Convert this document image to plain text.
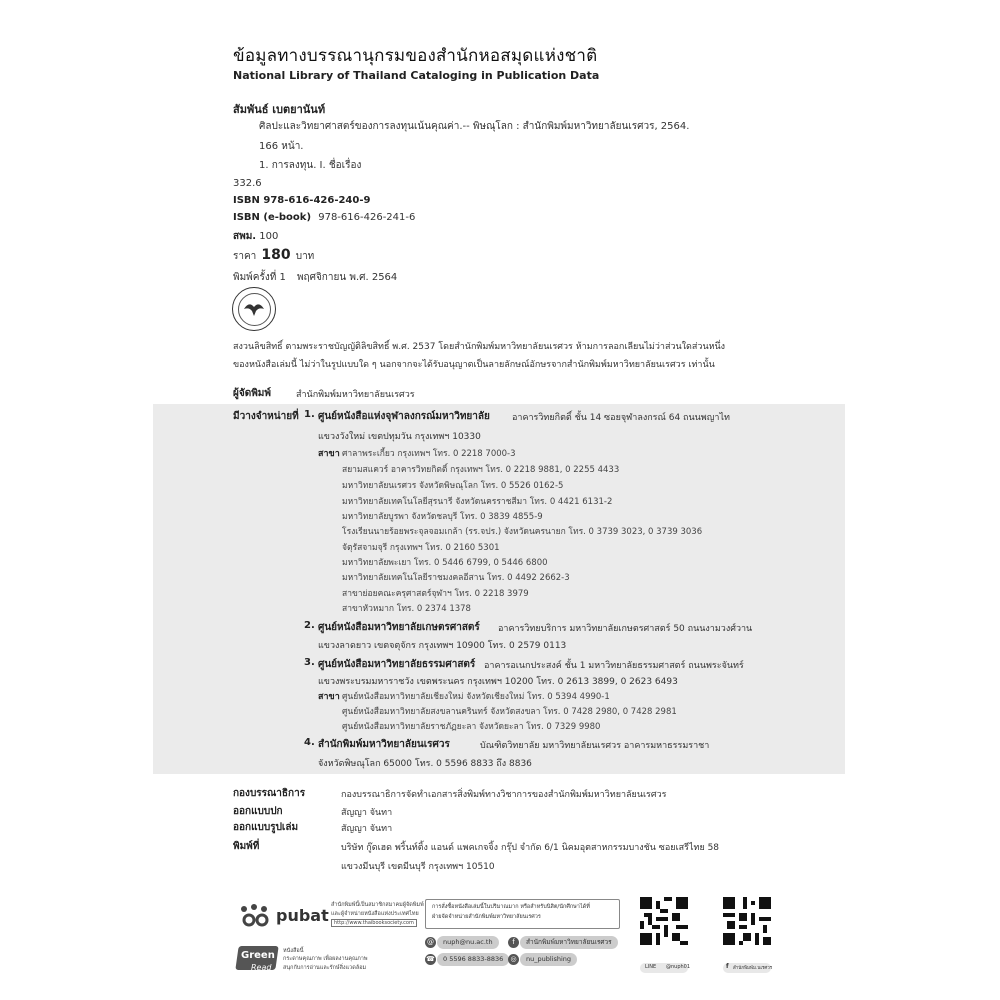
ข้อมูลทางบรรณานุกรมของสำนักหอสมุดแห่งชาติ
National Library of Thailand Cataloging in Publication Data
สัมพันธ์ เบตยานันท์
ศิลปะและวิทยาศาสตร์ของการลงทุนเน้นคุณค่า.-- พิษณุโลก : สำนักพิมพ์มหาวิทยาลัยนเรศวร, 2564.
166 หน้า.
1. การลงทุน. I. ชื่อเรื่อง
332.6
ISBN 978-616-426-240-9
ISBN (e-book) 978-616-426-241-6
สพม. 100
ราคา 180 บาท
พิมพ์ครั้งที่ 1 พฤศจิกายน พ.ศ. 2564
สงวนลิขสิทธิ์ ตามพระราชบัญญัติลิขสิทธิ์ พ.ศ. 2537 โดยสำนักพิมพ์มหาวิทยาลัยนเรศวร ห้ามการลอกเลียนไม่ว่าส่วนใดส่วนหนึ่ง
ของหนังสือเล่มนี้ ไม่ว่าในรูปแบบใด ๆ นอกจากจะได้รับอนุญาตเป็นลายลักษณ์อักษรจากสำนักพิมพ์มหาวิทยาลัยนเรศวร เท่านั้น
ผู้จัดพิมพ์	สำนักพิมพ์มหาวิทยาลัยนเรศวร
มีวางจำหน่ายที่ 1. ศูนย์หนังสือแห่งจุฬาลงกรณ์มหาวิทยาลัย อาคารวิทยกิตติ์ ชั้น 14 ซอยจุฬาลงกรณ์ 64 ถนนพญาไท
แขวงวังใหม่ เขตปทุมวัน กรุงเทพฯ 10330
สาขา ศาลาพระเกี้ยว กรุงเทพฯ โทร. 0 2218 7000-3
สยามสแควร์ อาคารวิทยกิตติ์ กรุงเทพฯ โทร. 0 2218 9881, 0 2255 4433
มหาวิทยาลัยนเรศวร จังหวัดพิษณุโลก โทร. 0 5526 0162-5
มหาวิทยาลัยเทคโนโลยีสุรนารี จังหวัดนครราชสีมา โทร. 0 4421 6131-2
มหาวิทยาลัยบูรพา จังหวัดชลบุรี โทร. 0 3839 4855-9
โรงเรียนนายร้อยพระจุลจอมเกล้า (รร.จปร.) จังหวัดนครนายก โทร. 0 3739 3023, 0 3739 3036
จัตุรัสจามจุรี กรุงเทพฯ โทร. 0 2160 5301
มหาวิทยาลัยพะเยา โทร. 0 5446 6799, 0 5446 6800
มหาวิทยาลัยเทคโนโลยีราชมงคลอีสาน โทร. 0 4492 2662-3
สาขาย่อยคณะครุศาสตร์จุฬาฯ โทร. 0 2218 3979
สาขาหัวหมาก โทร. 0 2374 1378
2. ศูนย์หนังสือมหาวิทยาลัยเกษตรศาสตร์ อาคารวิทยบริการ มหาวิทยาลัยเกษตรศาสตร์ 50 ถนนงามวงศ์วาน
แขวงลาดยาว เขตจตุจักร กรุงเทพฯ 10900 โทร. 0 2579 0113
3. ศูนย์หนังสือมหาวิทยาลัยธรรมศาสตร์ อาคารอเนกประสงค์ ชั้น 1 มหาวิทยาลัยธรรมศาสตร์ ถนนพระจันทร์
แขวงพระบรมมหาราชวัง เขตพระนคร กรุงเทพฯ 10200 โทร. 0 2613 3899, 0 2623 6493
สาขา ศูนย์หนังสือมหาวิทยาลัยเชียงใหม่ จังหวัดเชียงใหม่ โทร. 0 5394 4990-1
ศูนย์หนังสือมหาวิทยาลัยสงขลานครินทร์ จังหวัดสงขลา โทร. 0 7428 2980, 0 7428 2981
ศูนย์หนังสือมหาวิทยาลัยราชภัฏยะลา จังหวัดยะลา โทร. 0 7329 9980
4. สำนักพิมพ์มหาวิทยาลัยนเรศวร	บัณฑิตวิทยาลัย มหาวิทยาลัยนเรศวร อาคารมหาธรรมราชา
จังหวัดพิษณุโลก 65000 โทร. 0 5596 8833 ถึง 8836
กองบรรณาธิการ	กองบรรณาธิการจัดทำเอกสารสิ่งพิมพ์ทางวิชาการของสำนักพิมพ์มหาวิทยาลัยนเรศวร
ออกแบบปก	สัญญา จันทา
ออกแบบรูปเล่ม	สัญญา จันทา
พิมพ์ที่	บริษัท กู๊ดเฮด พริ้นท์ติ้ง แอนด์ แพคเกจจิ้ง กรุ๊ป จำกัด 6/1 นิคมอุตสาหกรรมบางชัน ซอยเสรีไทย 58
แขวงมีนบุรี เขตมีนบุรี กรุงเทพฯ 10510
pubat
สำนักพิมพ์นี้เป็นสมาชิกสมาคมผู้จัดพิมพ์
และผู้จำหน่ายหนังสือแห่งประเทศไทย
http://www.thaibooksociety.com
Green
Read
หนังสือนี้
กระดาษคุณภาพ เพื่อผลงานคุณภาพ
สนุกกับการอ่านและรักษ์สิ่งแวดล้อม
การสั่งซื้อหนังสือเล่มนี้ในปริมาณมาก หรือสำหรับนิสิต/นักศึกษาได้ที่
ฝ่ายจัดจำหน่ายสำนักพิมพ์มหาวิทยาลัยนเรศวร
@	nuph@nu.ac.th	f	สำนักพิมพ์มหาวิทยาลัยนเรศวร
☎	0 5596 8833-8836	◎	nu_publishing
LINE @nuph01	f สำนักพิมพ์ม.นเรศวร
